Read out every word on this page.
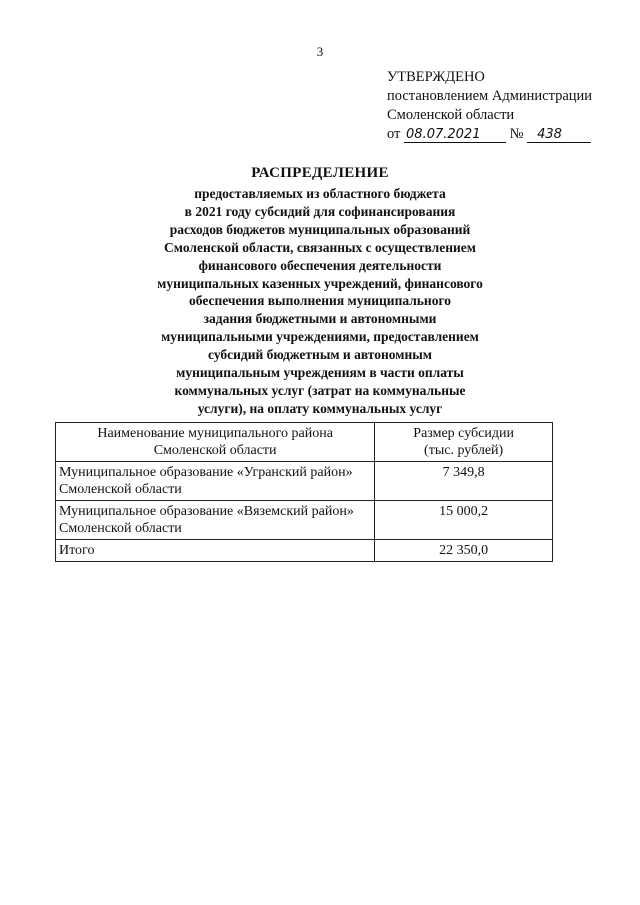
3
УТВЕРЖДЕНО
постановлением Администрации
Смоленской области
от 08.07.2021 № 438
РАСПРЕДЕЛЕНИЕ
предоставляемых из областного бюджета
в 2021 году субсидий для софинансирования
расходов бюджетов муниципальных образований
Смоленской области, связанных с осуществлением
финансового обеспечения деятельности
муниципальных казенных учреждений, финансового
обеспечения выполнения муниципального
задания бюджетными и автономными
муниципальными учреждениями, предоставлением
субсидий бюджетным и автономным
муниципальным учреждениям в части оплаты
коммунальных услуг (затрат на коммунальные
услуги), на оплату коммунальных услуг
Наименование муниципального района
Смоленской области	Размер субсидии
(тыс. рублей)

Муниципальное образование «Угранский район»
Смоленской области	7 349,8

Муниципальное образование «Вяземский район»
Смоленской области	15 000,2
Итого	22 350,0
